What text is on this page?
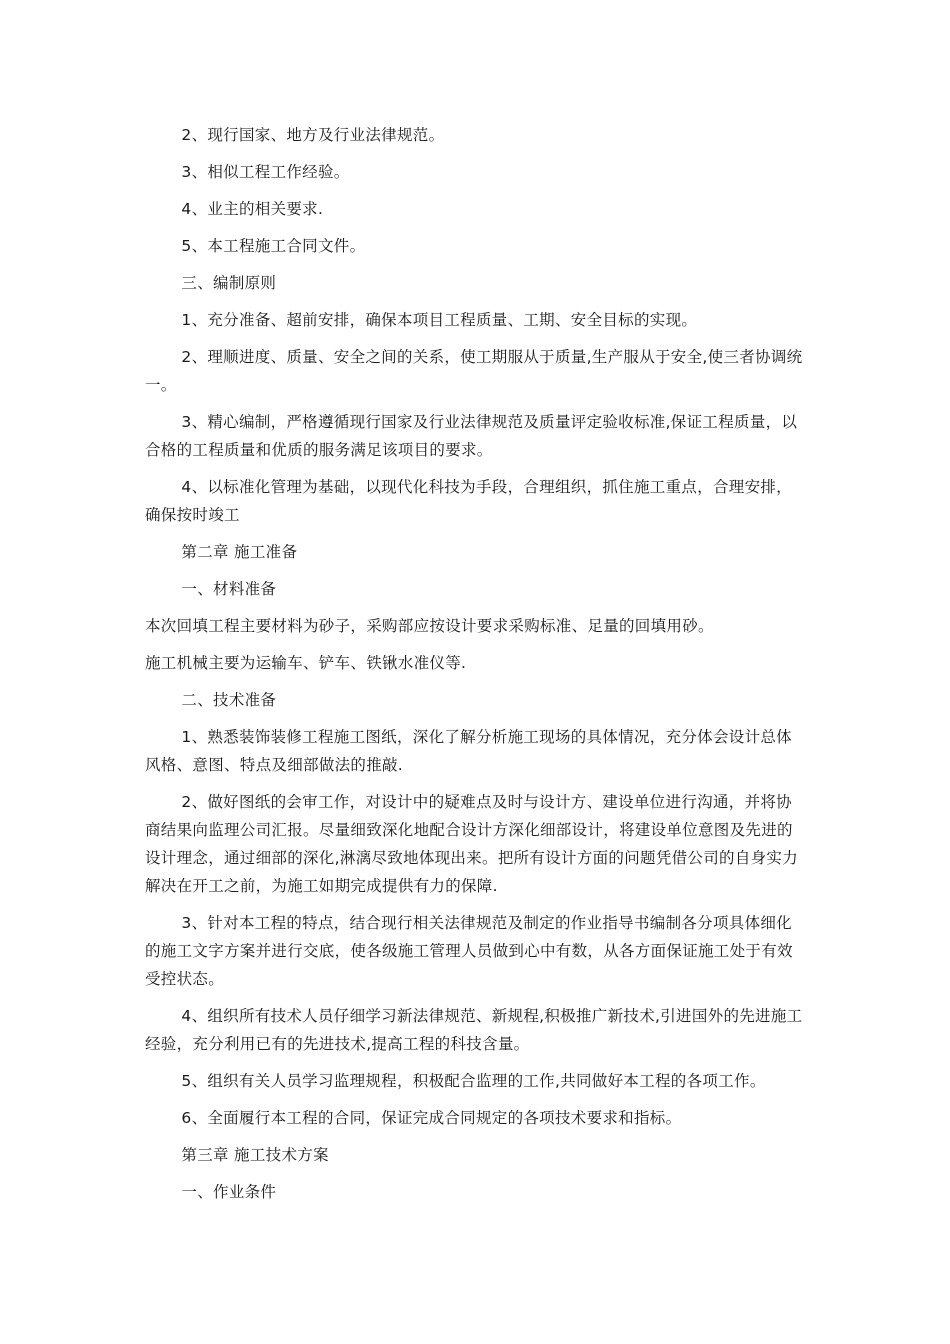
2、现行国家、地方及行业法律规范。

3、相似工程工作经验。

4、业主的相关要求.

5、本工程施工合同文件。

三、编制原则

1、充分准备、超前安排，确保本项目工程质量、工期、安全目标的实现。

2、理顺进度、质量、安全之间的关系，使工期服从于质量,生产服从于安全,使三者协调统一。

3、精心编制，严格遵循现行国家及行业法律规范及质量评定验收标准,保证工程质量，以合格的工程质量和优质的服务满足该项目的要求。

4、以标准化管理为基础，以现代化科技为手段，合理组织，抓住施工重点，合理安排，确保按时竣工

第二章 施工准备

一、材料准备

本次回填工程主要材料为砂子，采购部应按设计要求采购标准、足量的回填用砂。

施工机械主要为运输车、铲车、铁锹水准仪等.

二、技术准备

1、熟悉装饰装修工程施工图纸，深化了解分析施工现场的具体情况，充分体会设计总体风格、意图、特点及细部做法的推敲.

2、做好图纸的会审工作，对设计中的疑难点及时与设计方、建设单位进行沟通，并将协商结果向监理公司汇报。尽量细致深化地配合设计方深化细部设计，将建设单位意图及先进的设计理念，通过细部的深化,淋漓尽致地体现出来。把所有设计方面的问题凭借公司的自身实力解决在开工之前，为施工如期完成提供有力的保障.

3、针对本工程的特点，结合现行相关法律规范及制定的作业指导书编制各分项具体细化的施工文字方案并进行交底，使各级施工管理人员做到心中有数，从各方面保证施工处于有效受控状态。

4、组织所有技术人员仔细学习新法律规范、新规程,积极推广新技术,引进国外的先进施工经验，充分利用已有的先进技术,提高工程的科技含量。

5、组织有关人员学习监理规程，积极配合监理的工作,共同做好本工程的各项工作。

6、全面履行本工程的合同，保证完成合同规定的各项技术要求和指标。

第三章 施工技术方案

一、作业条件
